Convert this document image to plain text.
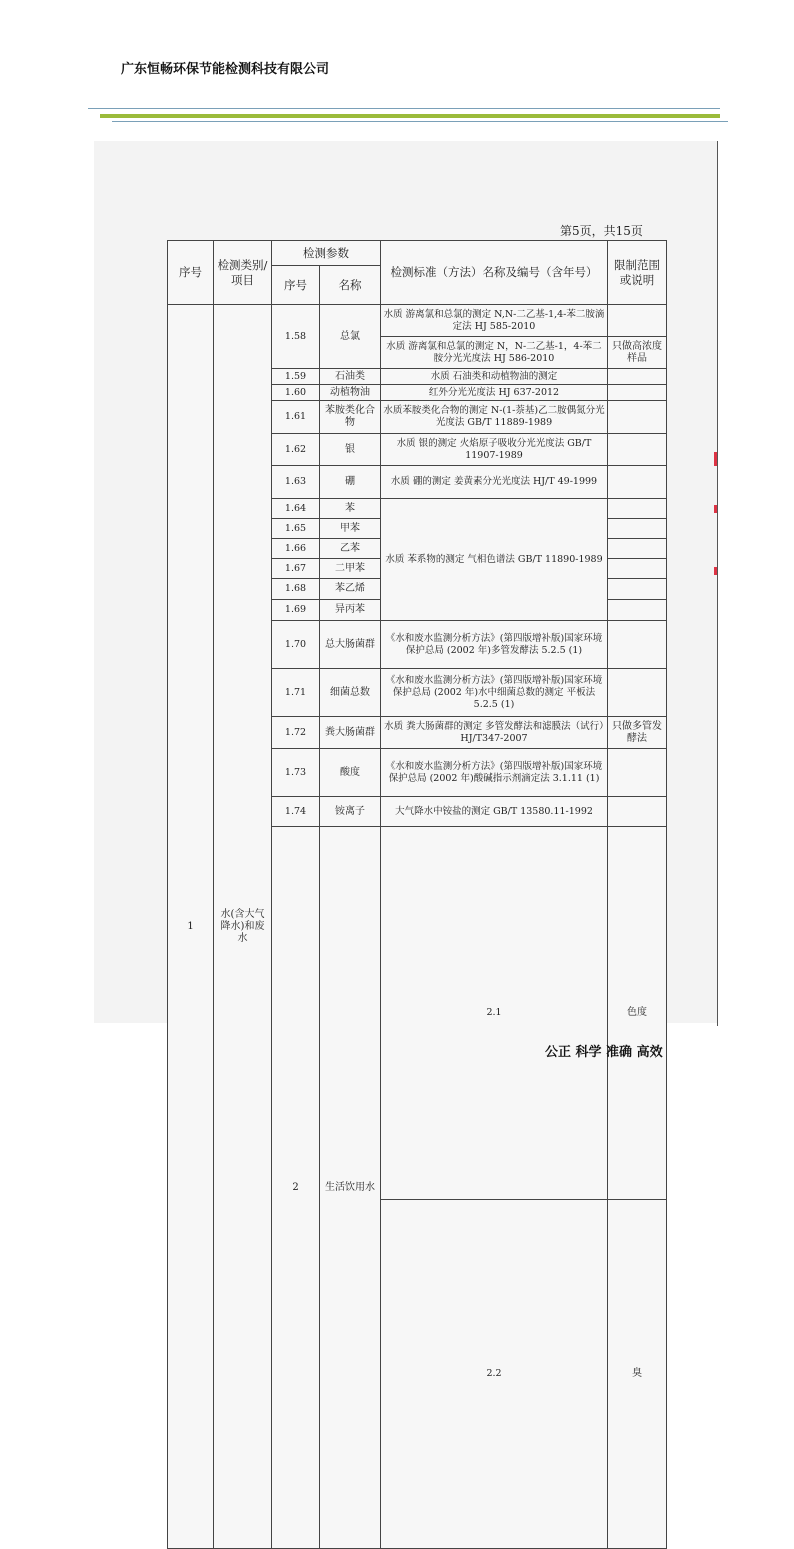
广东恒畅环保节能检测科技有限公司
第5页，共15页
序号	检测类别/项目	检测参数		检测标准（方法）名称及编号（含年号）	限制范围或说明	
		序号	名称			
1	水(含大气降水)和废水	1.58	总氯	水质 游离氯和总氯的测定 N,N-二乙基-1,4-苯二胺滴定法 HJ 585-2010		
				水质 游离氯和总氯的测定 N，N-二乙基-1，4-苯二胺分光光度法 HJ 586-2010	只做高浓度样品	
		1.59	石油类	水质 石油类和动植物油的测定		
		1.60	动植物油	红外分光光度法 HJ 637-2012		
		1.61	苯胺类化合物	水质苯胺类化合物的测定 N-(1-萘基)乙二胺偶氮分光光度法 GB/T 11889-1989		
		1.62	银	水质 银的测定 火焰原子吸收分光光度法 GB/T 11907-1989		
		1.63	硼	水质 硼的测定 姜黄素分光光度法 HJ/T 49-1999		
		1.64	苯	水质 苯系物的测定 气相色谱法 GB/T 11890-1989		
		1.65	甲苯			
		1.66	乙苯			
		1.67	二甲苯			
		1.68	苯乙烯			
		1.69	异丙苯			
		1.70	总大肠菌群	《水和废水监测分析方法》(第四版增补版)国家环境保护总局 (2002 年)多管发酵法 5.2.5 (1)		
		1.71	细菌总数	《水和废水监测分析方法》(第四版增补版)国家环境保护总局 (2002 年)水中细菌总数的测定 平板法 5.2.5 (1)		
		1.72	粪大肠菌群	水质 粪大肠菌群的测定 多管发酵法和滤膜法（试行）HJ/T347-2007	只做多管发酵法	
		1.73	酸度	《水和废水监测分析方法》(第四版增补版)国家环境保护总局 (2002 年)酸碱指示剂滴定法 3.1.11 (1)		
		1.74	铵离子	大气降水中铵盐的测定 GB/T 13580.11-1992		
		2	生活饮用水	2.1	色度		
				2.2	臭		
公正 科学 准确 高效
